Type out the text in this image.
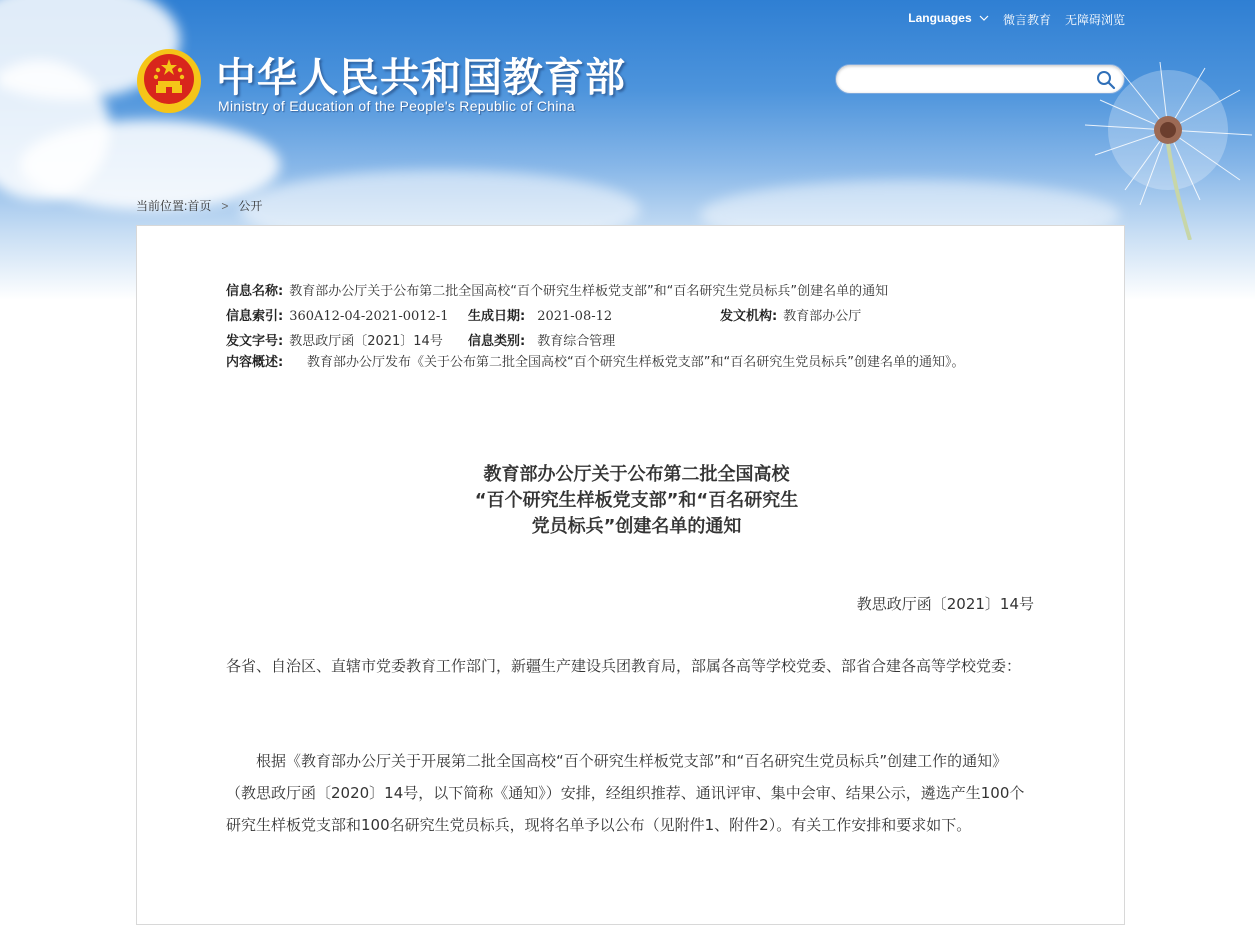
中华人民共和国教育部
Ministry of Education of the People's Republic of China
Languages	微言教育 无障碍浏览
当前位置:首页 > 公开
信息名称: 教育部办公厅关于公布第二批全国高校“百个研究生样板党支部”和“百名研究生党员标兵”创建名单的通知
信息索引: 360A12-04-2021-0012-1 生成日期: 2021-08-12	发文机构: 教育部办公厅
发文字号: 教思政厅函〔2021〕14号 信息类别: 教育综合管理
内容概述: 教育部办公厅发布《关于公布第二批全国高校“百个研究生样板党支部”和“百名研究生党员标兵”创建名单的通知》。
教育部办公厅关于公布第二批全国高校
“百个研究生样板党支部”和“百名研究生
党员标兵”创建名单的通知
教思政厅函〔2021〕14号

各省、自治区、直辖市党委教育工作部门，新疆生产建设兵团教育局，部属各高等学校党委、部省合建各高等学校党委：

根据《教育部办公厅关于开展第二批全国高校“百个研究生样板党支部”和“百名研究生党员标兵”创建工作的通知》（教思政厅函〔2020〕14号，以下简称《通知》）安排，经组织推荐、通讯评审、集中会审、结果公示，遴选产生100个研究生样板党支部和100名研究生党员标兵，现将名单予以公布（见附件1、附件2）。有关工作安排和要求如下。
